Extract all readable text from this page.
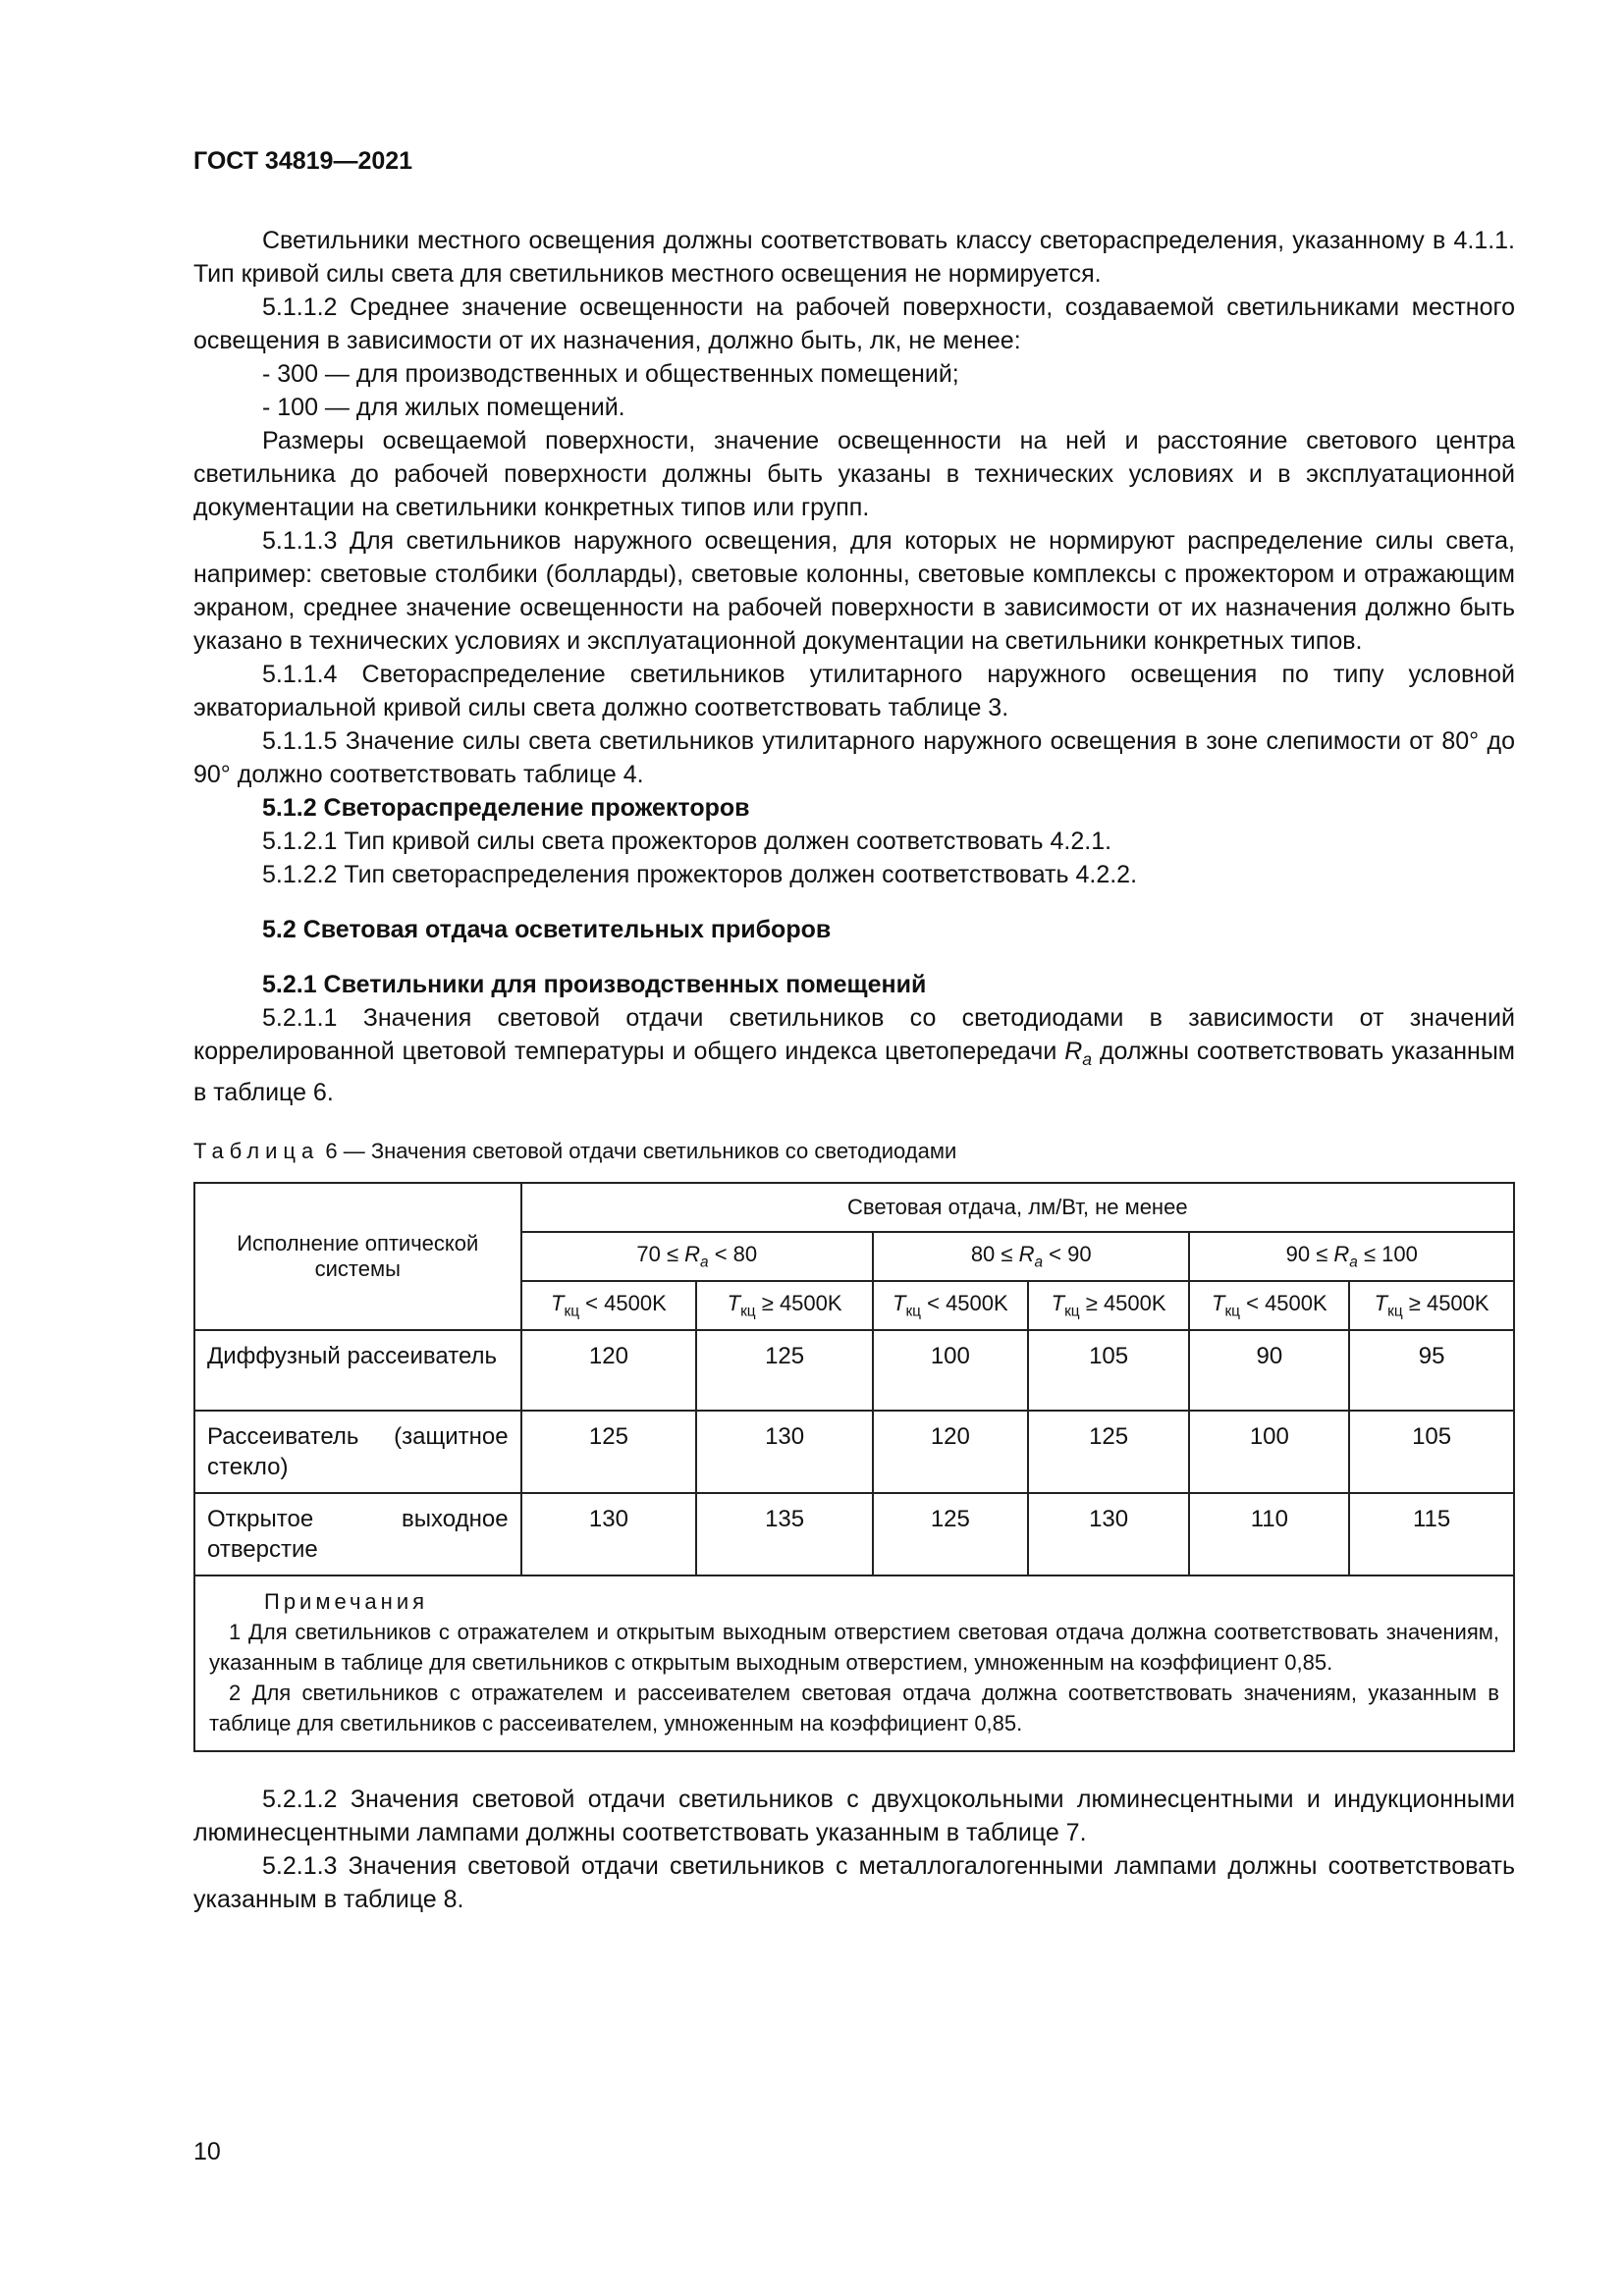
ГОСТ 34819—2021

Светильники местного освещения должны соответствовать классу светораспределения, указанному в 4.1.1. Тип кривой силы света для светильников местного освещения не нормируется.

5.1.1.2 Среднее значение освещенности на рабочей поверхности, создаваемой светильниками местного освещения в зависимости от их назначения, должно быть, лк, не менее:

- 300 — для производственных и общественных помещений;

- 100 — для жилых помещений.

Размеры освещаемой поверхности, значение освещенности на ней и расстояние светового центра светильника до рабочей поверхности должны быть указаны в технических условиях и в эксплуатационной документации на светильники конкретных типов или групп.

5.1.1.3 Для светильников наружного освещения, для которых не нормируют распределение силы света, например: световые столбики (болларды), световые колонны, световые комплексы с прожектором и отражающим экраном, среднее значение освещенности на рабочей поверхности в зависимости от их назначения должно быть указано в технических условиях и эксплуатационной документации на светильники конкретных типов.

5.1.1.4 Светораспределение светильников утилитарного наружного освещения по типу условной экваториальной кривой силы света должно соответствовать таблице 3.

5.1.1.5 Значение силы света светильников утилитарного наружного освещения в зоне слепимости от 80° до 90° должно соответствовать таблице 4.

5.1.2 Светораспределение прожекторов

5.1.2.1 Тип кривой силы света прожекторов должен соответствовать 4.2.1.

5.1.2.2 Тип светораспределения прожекторов должен соответствовать 4.2.2.

5.2 Световая отдача осветительных приборов

5.2.1 Светильники для производственных помещений

5.2.1.1 Значения световой отдачи светильников со светодиодами в зависимости от значений коррелированной цветовой температуры и общего индекса цветопередачи $R_a$ должны соответствовать указанным в таблице 6.

Таблица 6 — Значения световой отдачи светильников со светодиодами
Исполнение оптической системы	Световая отдача, лм/Вт, не менее					
	$70 \le R_a < 80$		$80 \le R_a < 90$		$90 \le R_a \le 100$	
	$T_{кц} < 4500K$	$T_{кц} \ge 4500K$	$T_{кц} < 4500K$	$T_{кц} \ge 4500K$	$T_{кц} < 4500K$	$T_{кц} \ge 4500K$
Диффузный рассеиватель	120	125	100	105	90	95
Рассеиватель (защитное стекло)	125	130	120	125	100	105
Открытое выходное отверстие	130	135	125	130	110	115

Примечания

1 Для светильников с отражателем и открытым выходным отверстием световая отдача должна соответствовать значениям, указанным в таблице для светильников с открытым выходным отверстием, умноженным на коэффициент 0,85.

2 Для светильников с отражателем и рассеивателем световая отдача должна соответствовать значениям, указанным в таблице для светильников с рассеивателем, умноженным на коэффициент 0,85.						

5.2.1.2 Значения световой отдачи светильников с двухцокольными люминесцентными и индукционными люминесцентными лампами должны соответствовать указанным в таблице 7.

5.2.1.3 Значения световой отдачи светильников с металлогалогенными лампами должны соответствовать указанным в таблице 8.

10
